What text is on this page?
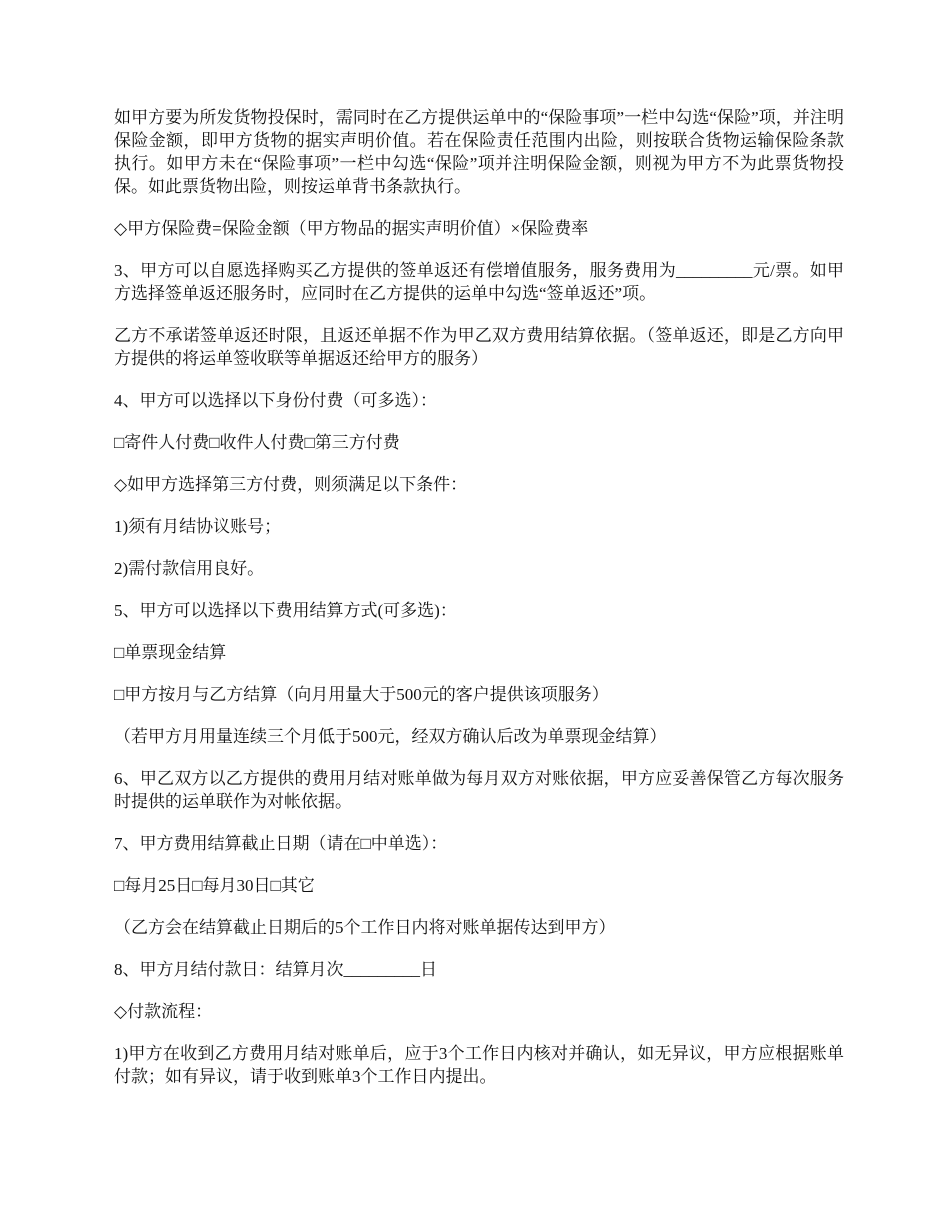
如甲方要为所发货物投保时，需同时在乙方提供运单中的“保险事项”一栏中勾选“保险”项，并注明保险金额，即甲方货物的据实声明价值。若在保险责任范围内出险，则按联合货物运输保险条款执行。如甲方未在“保险事项”一栏中勾选“保险”项并注明保险金额，则视为甲方不为此票货物投保。如此票货物出险，则按运单背书条款执行。

◇甲方保险费=保险金额（甲方物品的据实声明价值）×保险费率

3、甲方可以自愿选择购买乙方提供的签单返还有偿增值服务，服务费用为_________元/票。如甲方选择签单返还服务时，应同时在乙方提供的运单中勾选“签单返还”项。

乙方不承诺签单返还时限，且返还单据不作为甲乙双方费用结算依据。（签单返还，即是乙方向甲方提供的将运单签收联等单据返还给甲方的服务）

4、甲方可以选择以下身份付费（可多选）：

□寄件人付费□收件人付费□第三方付费

◇如甲方选择第三方付费，则须满足以下条件：

1)须有月结协议账号；

2)需付款信用良好。

5、甲方可以选择以下费用结算方式(可多选)：

□单票现金结算

□甲方按月与乙方结算（向月用量大于500元的客户提供该项服务）

（若甲方月用量连续三个月低于500元，经双方确认后改为单票现金结算）

6、甲乙双方以乙方提供的费用月结对账单做为每月双方对账依据，甲方应妥善保管乙方每次服务时提供的运单联作为对帐依据。

7、甲方费用结算截止日期（请在□中单选）：

□每月25日□每月30日□其它

（乙方会在结算截止日期后的5个工作日内将对账单据传达到甲方）

8、甲方月结付款日：结算月次_________日

◇付款流程：

1)甲方在收到乙方费用月结对账单后，应于3个工作日内核对并确认，如无异议，甲方应根据账单付款；如有异议，请于收到账单3个工作日内提出。
